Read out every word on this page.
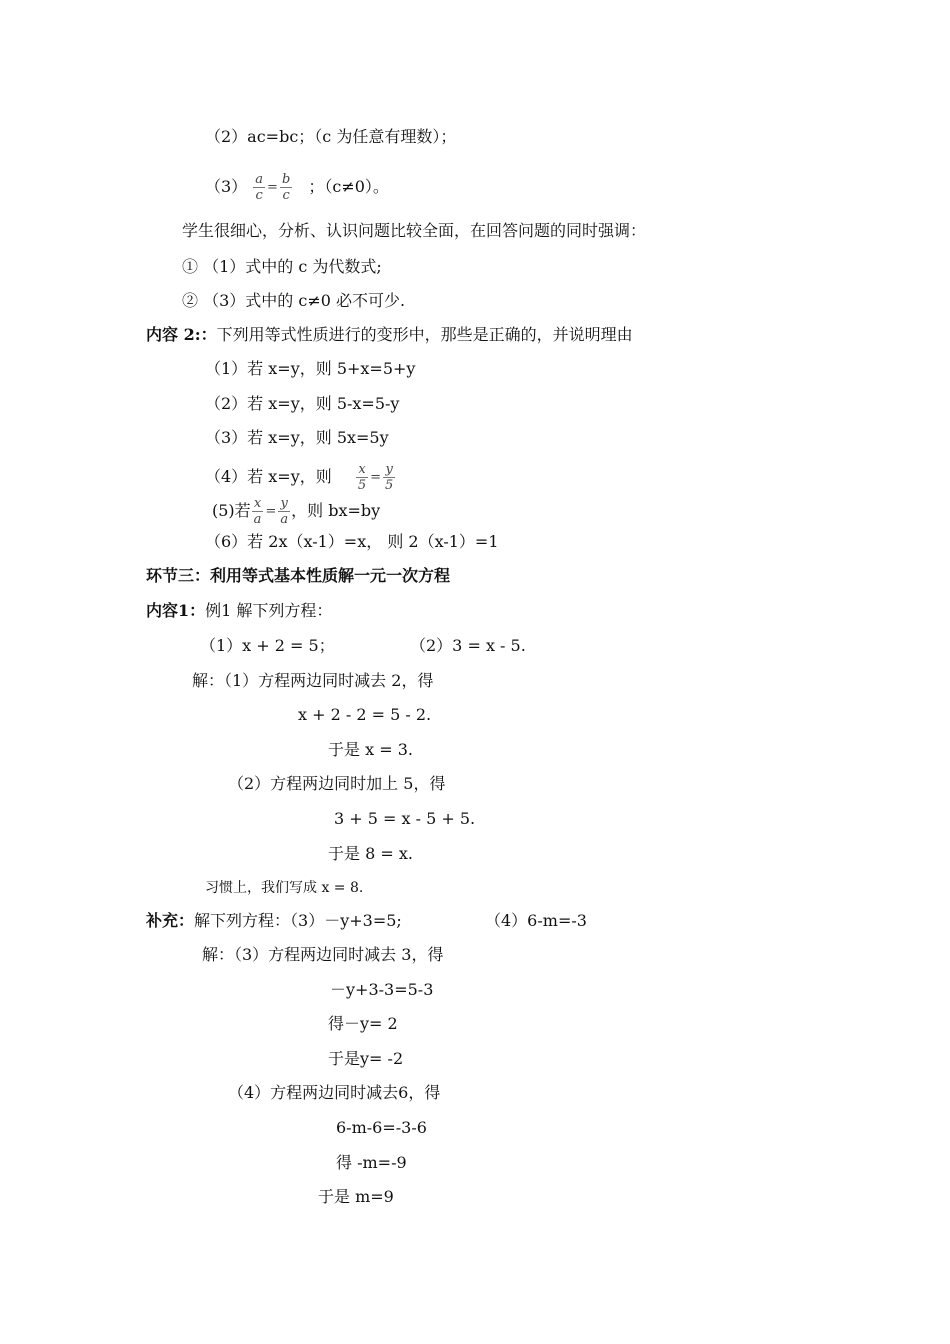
（2）ac=bc；（c 为任意有理数）；
$(3) \frac{a}{c} = \frac{b}{c}$ ；（c≠0）。
学生很细心，分析、认识问题比较全面，在回答问题的同时强调：
① （1）式中的 c 为代数式;
② （3）式中的 c≠0 必不可少.
内容 2:：下列用等式性质进行的变形中，那些是正确的，并说明理由
（1）若 x=y，则 5+x=5+y
（2）若 x=y，则 5-x=5-y
（3）若 x=y，则 5x=5y
（4）若 x=y，则 $\frac{x}{5} = \frac{y}{5}$
(5)若 $\frac{x}{a} = \frac{y}{a}$ ，则 bx=by
（6）若 2x（x-1）=x， 则 2（x-1）=1
环节三：利用等式基本性质解一元一次方程
内容1：例1 解下列方程：
（1）x + 2 = 5；	（2）3 = x - 5.
解：（1）方程两边同时减去 2，得
x + 2 - 2 = 5 - 2.
于是 x = 3.
（2）方程两边同时加上 5，得
3 + 5 = x - 5 + 5.
于是 8 = x.
习惯上，我们写成 x = 8.
补充：解下列方程：（3）－y+3=5;	（4）6-m=-3
解：（3）方程两边同时减去 3，得
－y+3-3=5-3
得－y= 2
于是y= -2
（4）方程两边同时减去6，得
6-m-6=-3-6
得 -m=-9
于是 m=9
